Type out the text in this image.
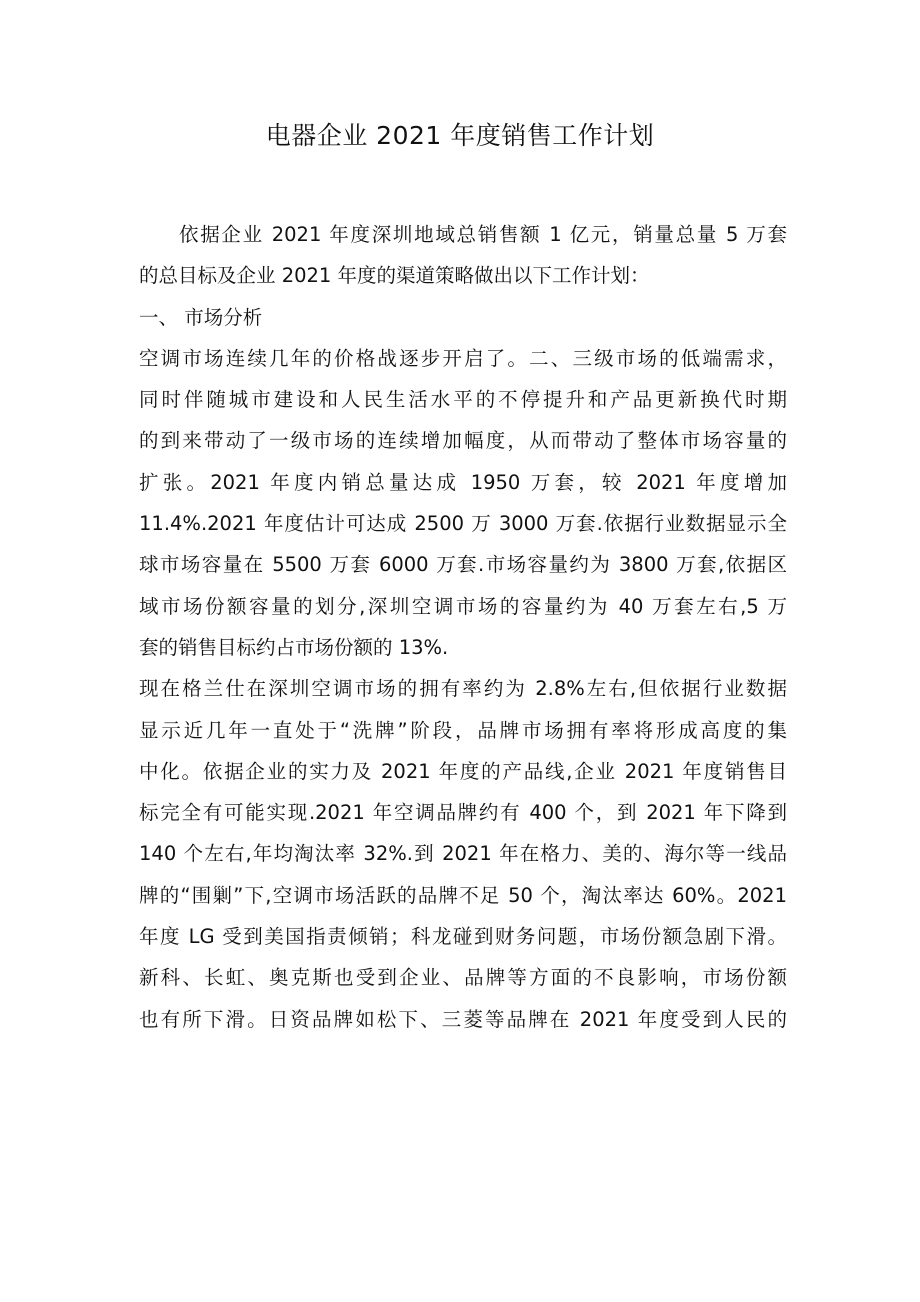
电器企业 2021 年度销售工作计划
依据企业 2021 年度深圳地域总销售额 1 亿元，销量总量 5 万套
的总目标及企业 2021 年度的渠道策略做出以下工作计划：
一、 市场分析
空调市场连续几年的价格战逐步开启了。二、三级市场的低端需求，
同时伴随城市建设和人民生活水平的不停提升和产品更新换代时期
的到来带动了一级市场的连续增加幅度，从而带动了整体市场容量的
扩张。2021 年度内销总量达成 1950 万套，较 2021 年度增加
11.4%.2021 年度估计可达成 2500 万 3000 万套.依据行业数据显示全
球市场容量在 5500 万套 6000 万套.市场容量约为 3800 万套,依据区
域市场份额容量的划分,深圳空调市场的容量约为 40 万套左右,5 万
套的销售目标约占市场份额的 13%.
现在格兰仕在深圳空调市场的拥有率约为 2.8%左右,但依据行业数据
显示近几年一直处于“洗牌”阶段，品牌市场拥有率将形成高度的集
中化。依据企业的实力及 2021 年度的产品线,企业 2021 年度销售目
标完全有可能实现.2021 年空调品牌约有 400 个，到 2021 年下降到
140 个左右,年均淘汰率 32%.到 2021 年在格力、美的、海尔等一线品
牌的“围剿”下,空调市场活跃的品牌不足 50 个，淘汰率达 60%。2021
年度 LG 受到美国指责倾销；科龙碰到财务问题，市场份额急剧下滑。
新科、长虹、奥克斯也受到企业、品牌等方面的不良影响，市场份额
也有所下滑。日资品牌如松下、三菱等品牌在 2021 年度受到人民的
